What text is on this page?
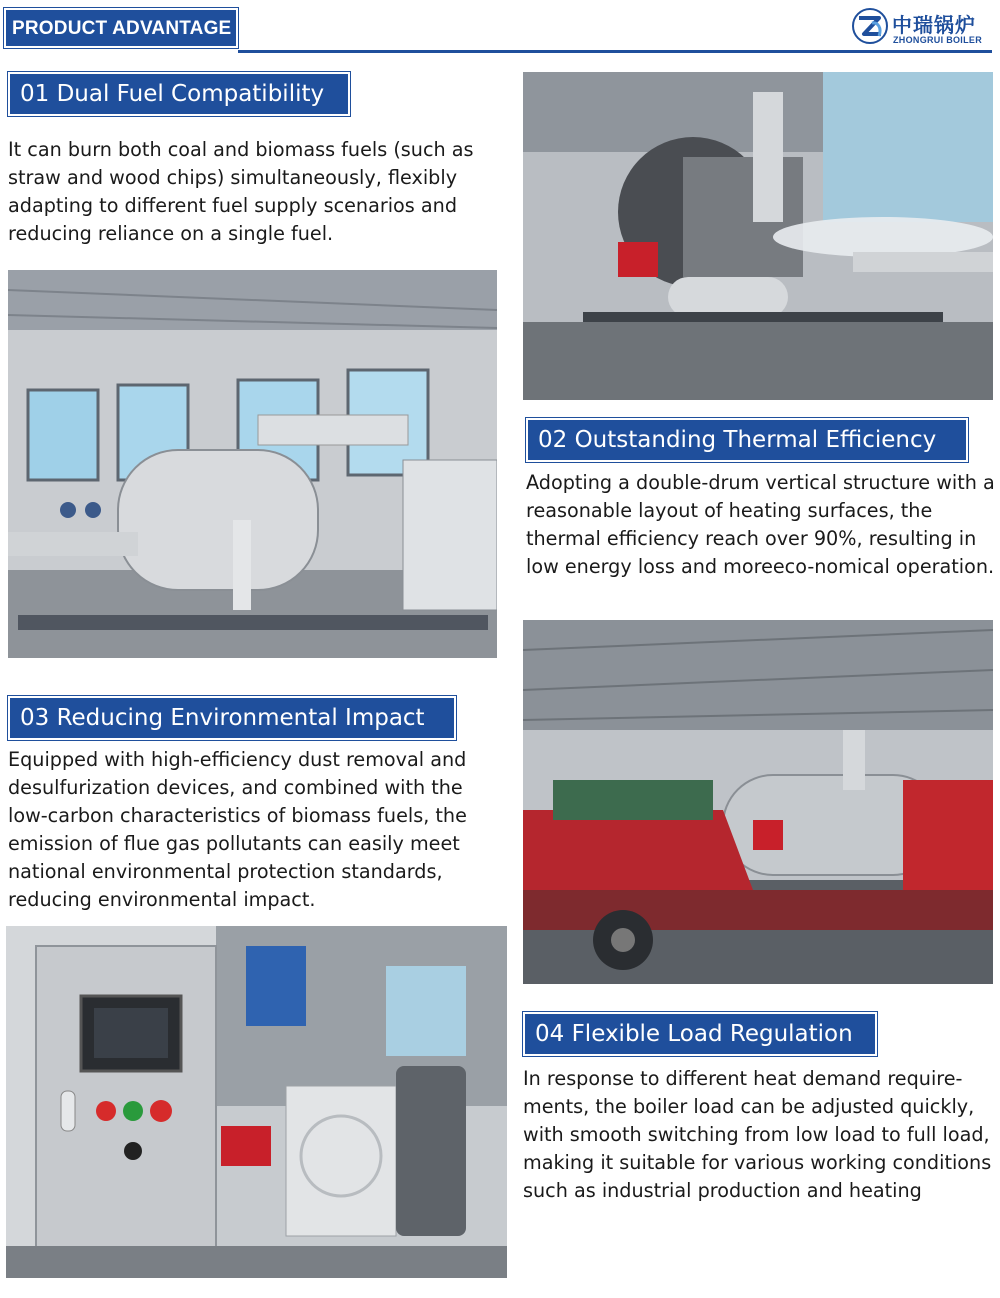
PRODUCT ADVANTAGE	中瑞锅炉
ZHONGRUI BOILER
01 Dual Fuel Compatibility
It can burn both coal and biomass fuels (such as straw and wood chips) simultaneously, flexibly adapting to different fuel supply scenarios and reducing reliance on a single fuel.
02 Outstanding Thermal Efficiency
Adopting a double-drum vertical structure with a reasonable layout of heating surfaces, the thermal efficiency reach over 90%, resulting in low energy loss and moreeco-nomical operation.
03 Reducing Environmental Impact
Equipped with high-efficiency dust removal and desulfurization devices, and combined with the low-carbon characteristics of biomass fuels, the emission of flue gas pollutants can easily meet national environmental protection standards, reducing environmental impact.
04 Flexible Load Regulation
In response to different heat demand require-ments, the boiler load can be adjusted quickly, with smooth switching from low load to full load, making it suitable for various working conditions such as industrial production and heating
